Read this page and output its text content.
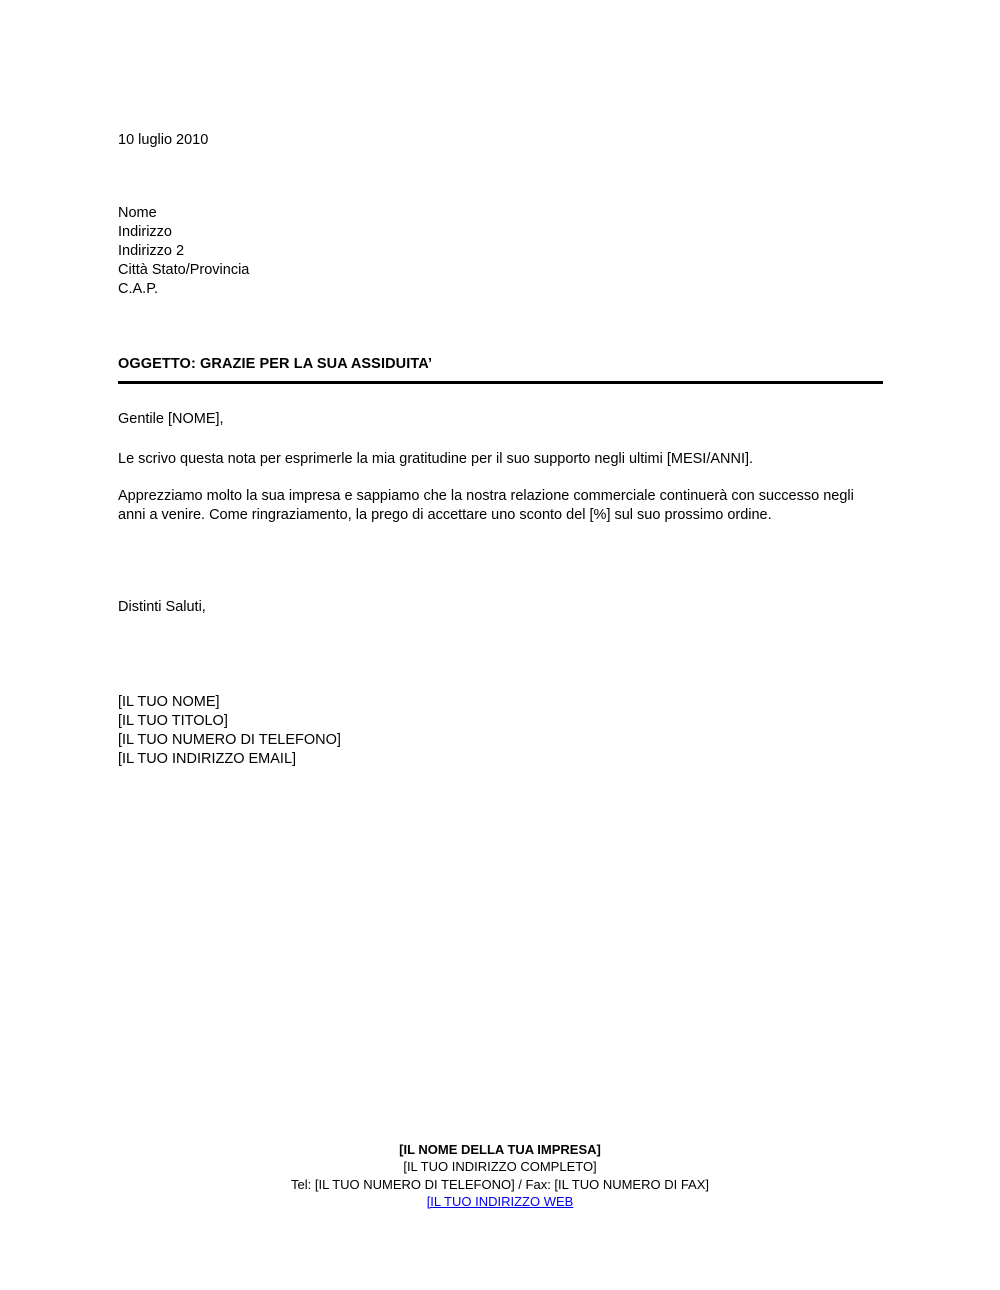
10 luglio 2010
Nome
Indirizzo
Indirizzo 2
Città Stato/Provincia
C.A.P.
OGGETTO: GRAZIE PER LA SUA ASSIDUITA’
Gentile [NOME],

Le scrivo questa nota per esprimerle la mia gratitudine per il suo supporto negli ultimi [MESI/ANNI].

Apprezziamo molto la sua impresa e sappiamo che la nostra relazione commerciale continuerà con successo negli anni a venire. Come ringraziamento, la prego di accettare uno sconto del [%] sul suo prossimo ordine.

Distinti Saluti,
[IL TUO NOME]
[IL TUO TITOLO]
[IL TUO NUMERO DI TELEFONO]
[IL TUO INDIRIZZO EMAIL]
[IL NOME DELLA TUA IMPRESA]
[IL TUO INDIRIZZO COMPLETO]
Tel: [IL TUO NUMERO DI TELEFONO] / Fax: [IL TUO NUMERO DI FAX]
[IL TUO INDIRIZZO WEB
